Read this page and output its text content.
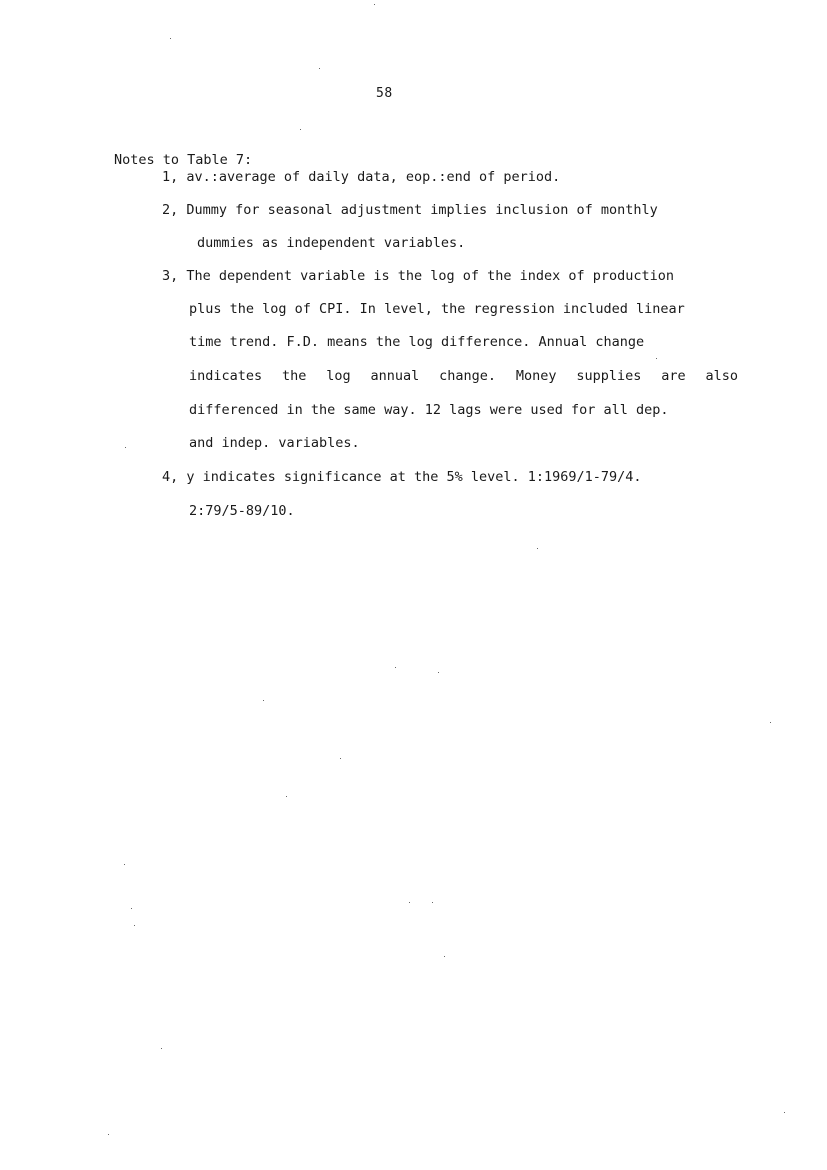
58
Notes to Table 7:
1, av.:average of daily data, eop.:end of period.
2, Dummy for seasonal adjustment implies inclusion of monthly
dummies as independent variables.
3, The dependent variable is the log of the index of production
plus the log of CPI. In level, the regression included linear
time trend. F.D. means the log difference. Annual change
indicates the log annual change. Money supplies are also
differenced in the same way. 12 lags were used for all dep.
and indep. variables.
4, y indicates significance at the 5% level. 1:1969/1-79/4.
2:79/5-89/10.
